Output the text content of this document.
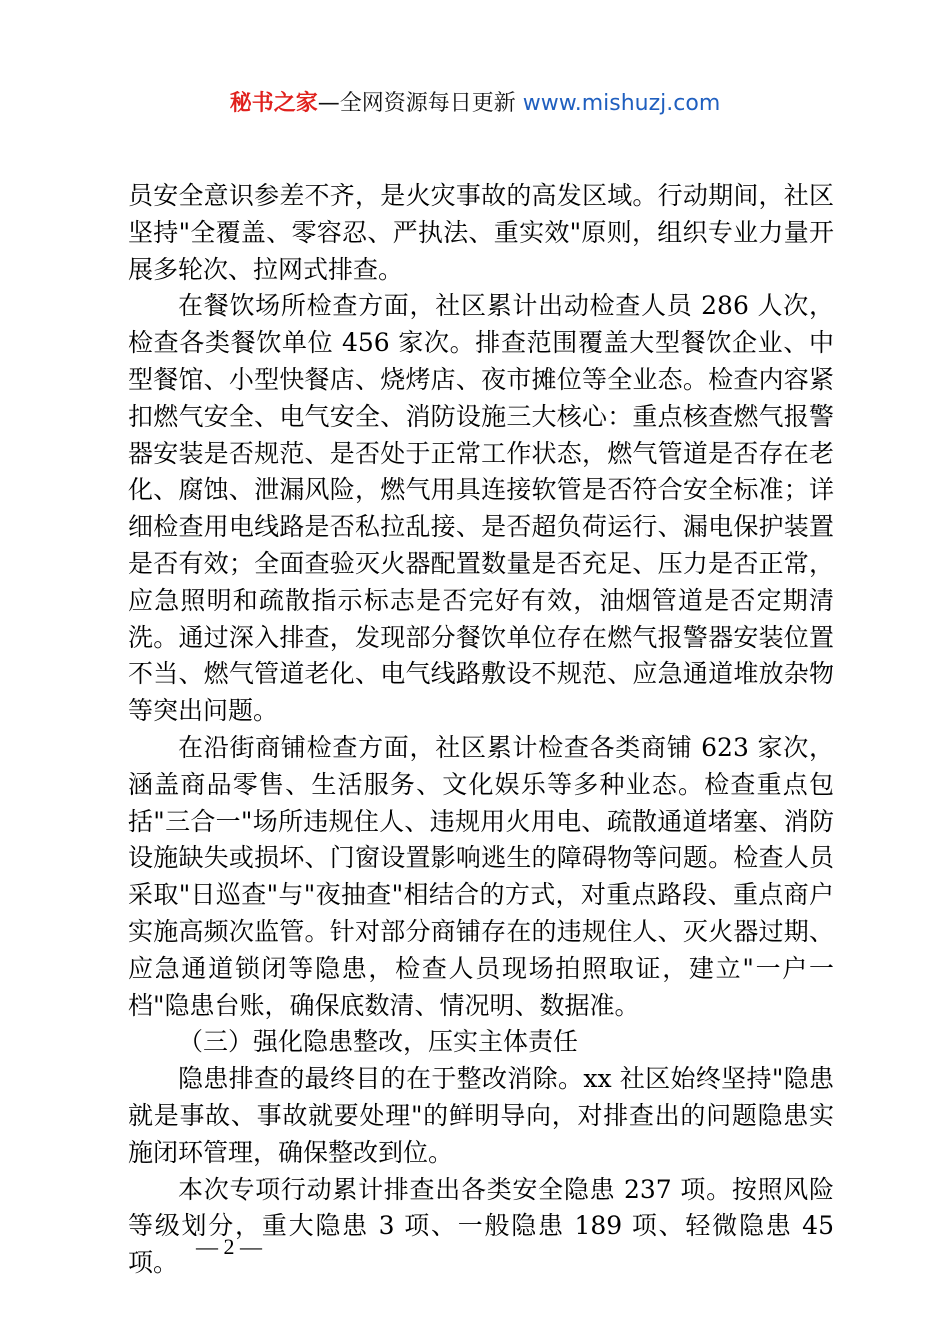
秘书之家—全网资源每日更新 www.mishuzj.com

员安全意识参差不齐，是火灾事故的高发区域。行动期间，社区坚持"全覆盖、零容忍、严执法、重实效"原则，组织专业力量开展多轮次、拉网式排查。

在餐饮场所检查方面，社区累计出动检查人员 286 人次，检查各类餐饮单位 456 家次。排查范围覆盖大型餐饮企业、中型餐馆、小型快餐店、烧烤店、夜市摊位等全业态。检查内容紧扣燃气安全、电气安全、消防设施三大核心：重点核查燃气报警器安装是否规范、是否处于正常工作状态，燃气管道是否存在老化、腐蚀、泄漏风险，燃气用具连接软管是否符合安全标准；详细检查用电线路是否私拉乱接、是否超负荷运行、漏电保护装置是否有效；全面查验灭火器配置数量是否充足、压力是否正常，应急照明和疏散指示标志是否完好有效，油烟管道是否定期清洗。通过深入排查，发现部分餐饮单位存在燃气报警器安装位置不当、燃气管道老化、电气线路敷设不规范、应急通道堆放杂物等突出问题。

在沿街商铺检查方面，社区累计检查各类商铺 623 家次，涵盖商品零售、生活服务、文化娱乐等多种业态。检查重点包括"三合一"场所违规住人、违规用火用电、疏散通道堵塞、消防设施缺失或损坏、门窗设置影响逃生的障碍物等问题。检查人员采取"日巡查"与"夜抽查"相结合的方式，对重点路段、重点商户实施高频次监管。针对部分商铺存在的违规住人、灭火器过期、应急通道锁闭等隐患，检查人员现场拍照取证，建立"一户一档"隐患台账，确保底数清、情况明、数据准。

（三）强化隐患整改，压实主体责任

隐患排查的最终目的在于整改消除。xx 社区始终坚持"隐患就是事故、事故就要处理"的鲜明导向，对排查出的问题隐患实施闭环管理，确保整改到位。

本次专项行动累计排查出各类安全隐患 237 项。按照风险等级划分，重大隐患 3 项、一般隐患 189 项、轻微隐患 45 项。

— 2 —
